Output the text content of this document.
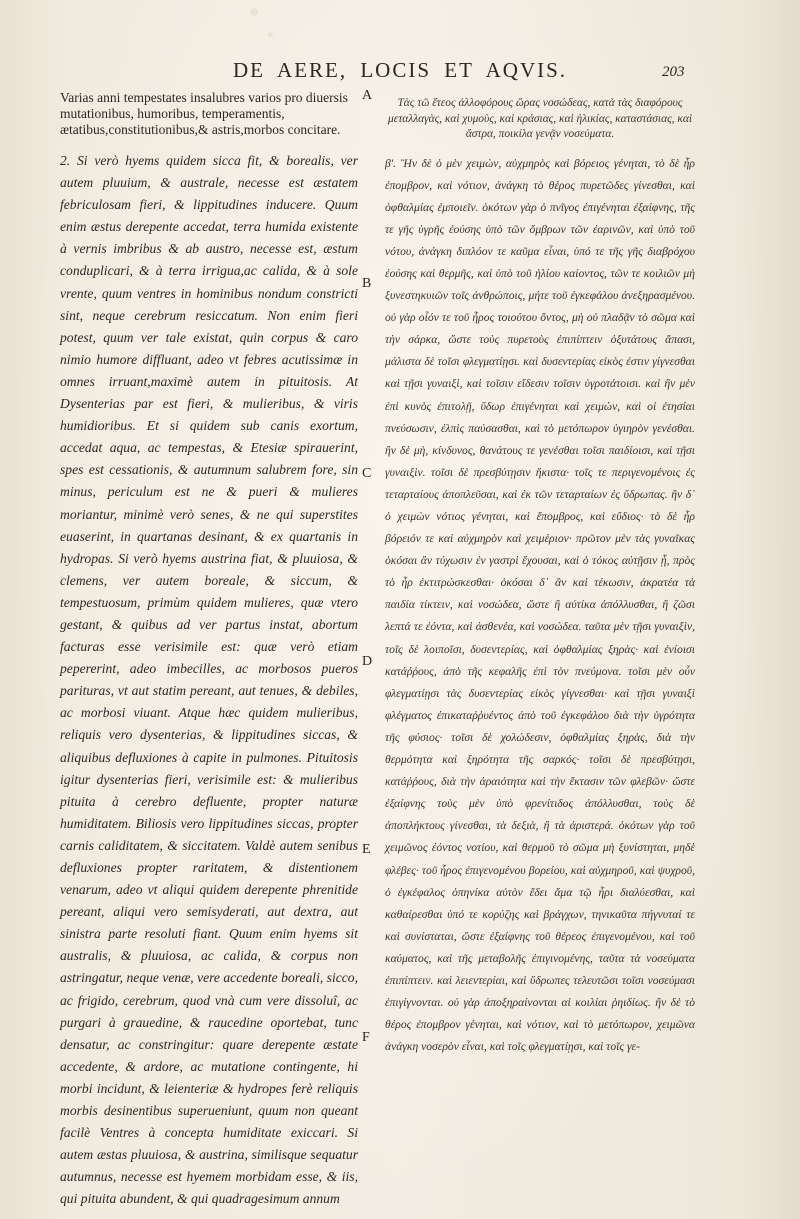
DE AERE, LOCIS ET AQVIS.	203

Varias anni tempestates insalubres varios pro diuersis mutationibus, humoribus, temperamentis, ætatibus,constitutionibus,& astris,morbos concitare.

2. Si verò hyems quidem sicca fit, & borealis, ver autem pluuium, & australe, necesse est æstatem febriculosam fieri, & lippitudines inducere. Quum enim æstus derepente accedat, terra humida existente à vernis imbribus & ab austro, necesse est, æstum conduplicari, & à terra irrigua,ac calida, & à sole vrente, quum ventres in hominibus nondum constricti sint, neque cerebrum resiccatum. Non enim fieri potest, quum ver tale existat, quin corpus & caro nimio humore diffluant, adeo vt febres acutissimæ in omnes irruant,maximè autem in pituitosis. At Dysenterias par est fieri, & mulieribus, & viris humidioribus. Et si quidem sub canis exortum, accedat aqua, ac tempestas, & Etesiæ spirauerint, spes est cessationis, & autumnum salubrem fore, sin minus, periculum est ne & pueri & mulieres moriantur, minimè verò senes, & ne qui superstites euaserint, in quartanas desinant, & ex quartanis in hydropas. Si verò hyems austrina fiat, & pluuiosa, & clemens, ver autem boreale, & siccum, & tempestuosum, primùm quidem mulieres, quæ vtero gestant, & quibus ad ver partus instat, abortum facturas esse verisimile est: quæ verò etiam pepererint, adeo imbecilles, ac morbosos pueros parituras, vt aut statim pereant, aut tenues, & debiles, ac morbosi viuant. Atque hæc quidem mulieribus, reliquis vero dysenterias, & lippitudines siccas, & aliquibus defluxiones à capite in pulmones. Pituitosis igitur dysenterias fieri, verisimile est: & mulieribus pituita à cerebro defluente, propter naturæ humiditatem. Biliosis vero lippitudines siccas, propter carnis caliditatem, & siccitatem. Valdè autem senibus defluxiones propter raritatem, & distentionem venarum, adeo vt aliqui quidem derepente phrenitide pereant, aliqui vero semisyderati, aut dextra, aut sinistra parte resoluti fiant. Quum enim hyems sit australis, & pluuiosa, ac calida, & corpus non astringatur, neque venæ, vere accedente boreali, sicco, ac frigido, cerebrum, quod vnà cum vere dissoluî, ac purgari à grauedine, & raucedine oportebat, tunc densatur, ac constringitur: quare derepente æstate accedente, & ardore, ac mutatione contingente, hi morbi incidunt, & leienteriæ & hydropes ferè reliquis morbis desinentibus superueniunt, quum non queant facilè Ventres à concepta humiditate exiccari. Si autem æstas pluuiosa, & austrina, similisque sequatur autumnus, necesse est hyemem morbidam esse, & iis, qui pituita abundent, & qui quadragesimum annum

Τὰς τῶ ἔτεος ἀλλοφόρους ὥρας νοσώδεας, κατὰ τὰς διαφόρους μεταλλαγὰς, καὶ χυμοὺς, καὶ κράσιας, καὶ ἡλικίας, καταστάσιας, καὶ ἄστρα, ποικίλα γενᾷν νοσεύματα.

β'. Ἢν δὲ ὁ μὲν χειμὼν, αὐχμηρὸς καὶ βόρειος γένηται, τὸ δὲ ἦρ ἐπομβρον, καὶ νότιον, ἀνάγκη τὸ θέρος πυρετῶδες γίνεσθαι, καὶ ὀφθαλμίας ἐμποιεῖν. ὁκότων γὰρ ὁ πνῖγος ἐπιγένηται ἐξαίφνης, τῆς τε γῆς ὑγρῆς ἐούσης ὑπὸ τῶν ὄμβρων τῶν ἐαρινῶν, καὶ ὑπὸ τοῦ νότου, ἀνάγκη διπλόον τε καῦμα εἶναι, ὑπό τε τῆς γῆς διαβρόχου ἐούσης καὶ θερμῆς, καὶ ὑπὸ τοῦ ἡλίου καίοντος, τῶν τε κοιλιῶν μὴ ξυνεστηκυιῶν τοῖς ἀνθρώποις, μήτε τοῦ ἐγκεφάλου ἀνεξηρασμένου. οὐ γὰρ οἷόν τε τοῦ ἦρος τοιούτου ὄντος, μὴ οὐ πλαδᾷν τὸ σῶμα καὶ τὴν σάρκα, ὥστε τοὺς πυρετοὺς ἐπιπίπτειν ὀξυτάτους ἅπασι, μάλιστα δὲ τοῖσι φλεγματίῃσι. καὶ δυσεντερίας εἰκὸς ἐστιν γίγνεσθαι καὶ τῇσι γυναιξὶ, καὶ τοῖσιν εἴδεσιν τοῖσιν ὑγροτάτοισι. καὶ ἢν μὲν ἐπὶ κυνὸς ἐπιτολῇ, ὕδωρ ἐπιγένηται καὶ χειμὼν, καὶ οἱ ἐτησίαι πνεύσωσιν, ἐλπὶς παύσασθαι, καὶ τὸ μετόπωρον ὑγιηρὸν γενέσθαι. ἢν δὲ μὴ, κίνδυνος, θανάτους τε γενέσθαι τοῖσι παιδίοισι, καὶ τῇσι γυναιξὶν. τοῖσι δὲ πρεσβύτῃσιν ἥκιστα· τοῖς τε περιγενομένοις ἐς τεταρταίους ἀποπλεῦσαι, καὶ ἐκ τῶν τεταρταίων ἐς ὕδρωπας. ἢν δ᾽ ὁ χειμὼν νότιος γένηται, καὶ ἔπομβρος, καὶ εὔδιος· τὸ δὲ ἦρ βόρειόν τε καὶ αὐχμηρὸν καὶ χειμέριον· πρῶτον μὲν τὰς γυναῖκας ὁκόσαι ἂν τύχωσιν ἐν γαστρὶ ἔχουσαι, καὶ ὁ τόκος αὐτῇσιν ᾖ, πρὸς τὸ ἦρ ἐκτιτρώσκεσθαι· ὁκόσαι δ᾽ ἂν καὶ τέκωσιν, ἀκρατέα τὰ παιδία τίκτειν, καὶ νοσώδεα, ὥστε ἢ αὐτίκα ἀπόλλυσθαι, ἢ ζῶσι λεπτά τε ἐόντα, καὶ ἀσθενέα, καὶ νοσώδεα. ταῦτα μὲν τῇσι γυναιξὶν, τοῖς δὲ λοιποῖσι, δυσεντερίας, καὶ ὀφθαλμίας ξηρὰς· καὶ ἐνίοισι κατάῤῥους, ἀπὸ τῆς κεφαλῆς ἐπὶ τὸν πνεύμονα. τοῖσι μὲν οὖν φλεγματίῃσι τὰς δυσεντερίας εἰκὸς γίγνεσθαι· καὶ τῇσι γυναιξὶ φλέγματος ἐπικαταῤῥυέντος ἀπὸ τοῦ ἐγκεφάλου διὰ τὴν ὑγρότητα τῆς φύσιος· τοῖσι δὲ χολώδεσιν, ὀφθαλμίας ξηρὰς, διὰ τὴν θερμότητα καὶ ξηρότητα τῆς σαρκός· τοῖσι δὲ πρεσβύτῃσι, κατάῤῥους, διὰ τὴν ἀραιότητα καὶ τὴν ἔκτασιν τῶν φλεβῶν· ὥστε ἐξαίφνης τοὺς μὲν ὑπὸ φρενίτιδος ἀπόλλυσθαι, τοὺς δὲ ἀποπλήκτους γίνεσθαι, τὰ δεξιὰ, ἢ τὰ ἀριστερά. ὁκότων γὰρ τοῦ χειμῶνος ἐόντος νοτίου, καὶ θερμοῦ τὸ σῶμα μὴ ξυνίστηται, μηδὲ φλέβες· τοῦ ἦρος ἐπιγενομένου βορείου, καὶ αὐχμηροῦ, καὶ ψυχροῦ, ὁ ἐγκέφαλος ὁπηνίκα αὐτὸν ἔδει ἅμα τῷ ἦρι διαλύεσθαι, καὶ καθαίρεσθαι ὑπό τε κορύζης καὶ βράγχων, τηνικαῦτα πήγνυταί τε καὶ συνίσταται, ὥστε ἐξαίφνης τοῦ θέρεος ἐπιγενομένου, καὶ τοῦ καύματος, καὶ τῆς μεταβολῆς ἐπιγινομένης, ταῦτα τὰ νοσεύματα ἐπιπίπτειν. καὶ λειεντερίαι, καὶ ὕδρωπες τελευτῶσι τοῖσι νοσεύμασι ἐπιγίγνονται. οὐ γὰρ ἀποξηραίνονται αἱ κοιλίαι ῥηιδίως. ἢν δὲ τὸ θέρος ἐπομβρον γένηται, καὶ νότιον, καὶ τὸ μετόπωρον, χειμῶνα ἀνάγκη νοσερὸν εἶναι, καὶ τοῖς φλεγματίῃσι, καὶ τοῖς γε-

A
B
C
D
E
F
